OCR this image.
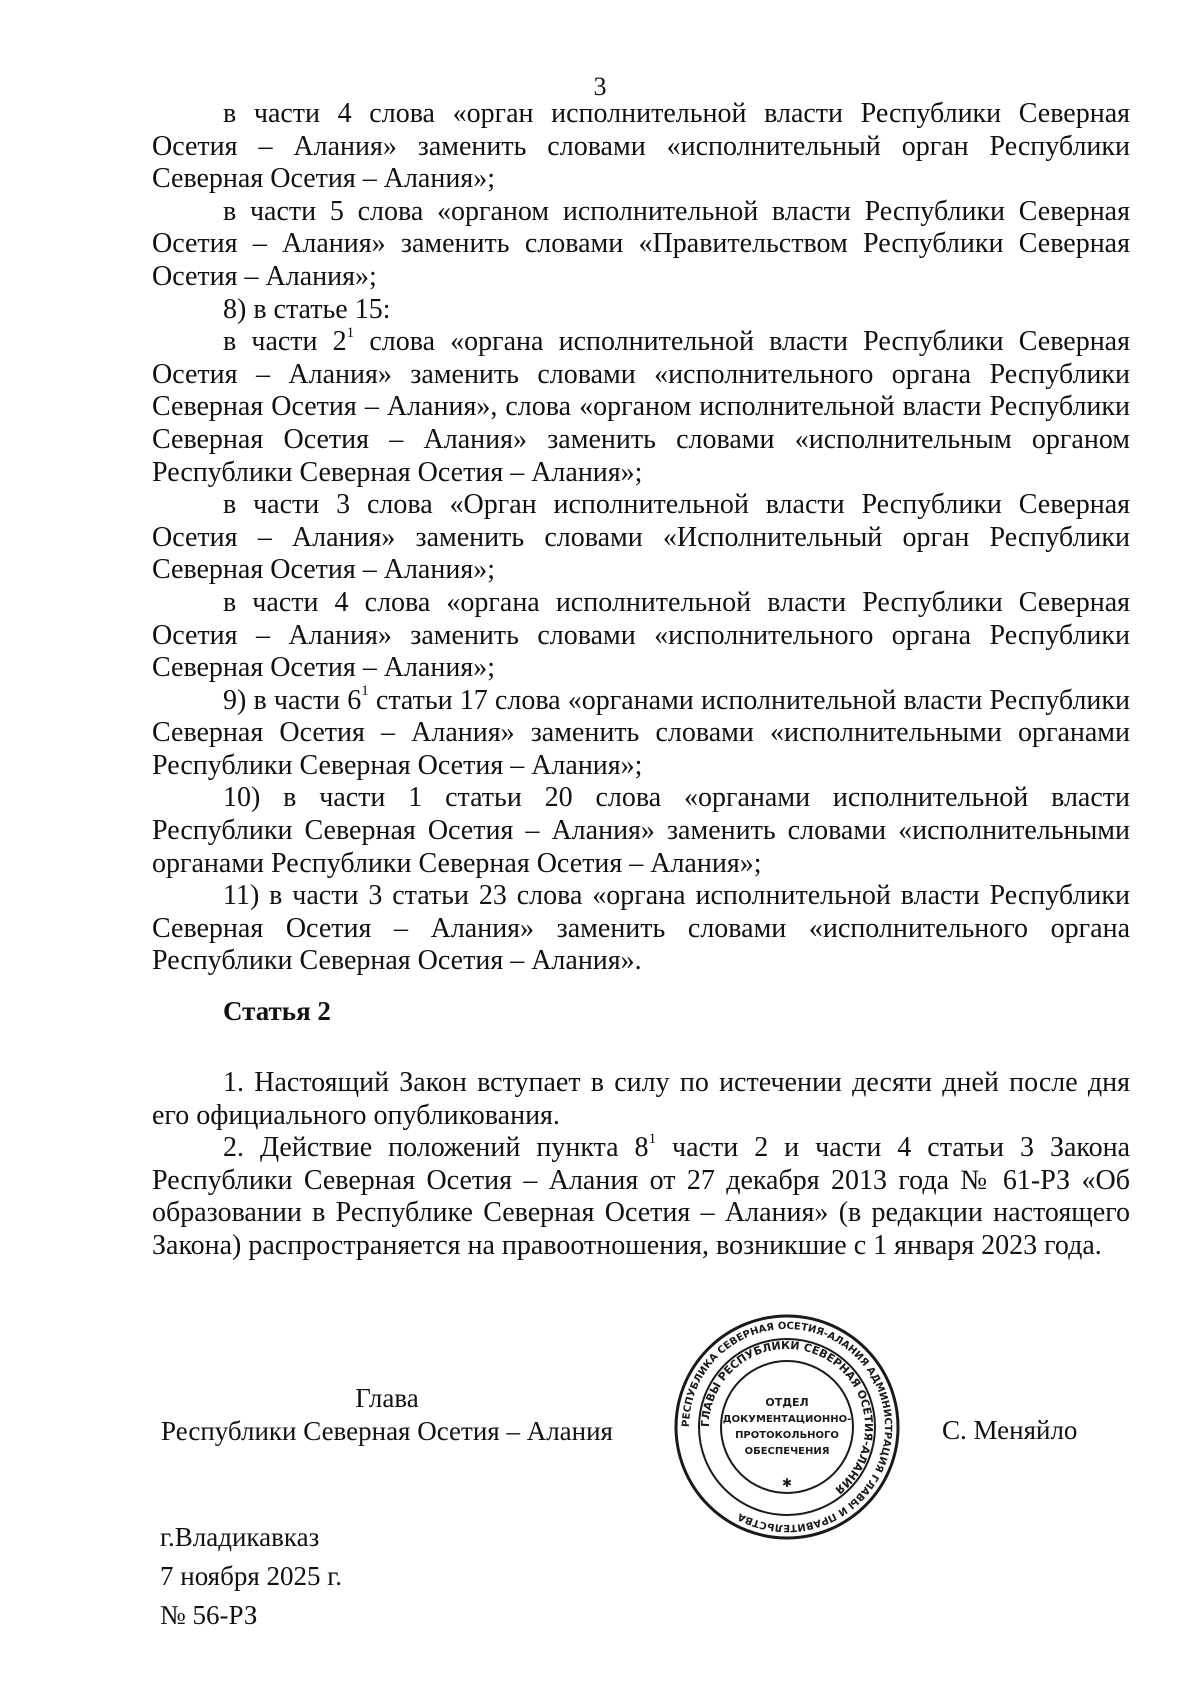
3

в части 4 слова «орган исполнительной власти Республики Северная Осетия – Алания» заменить словами «исполнительный орган Республики Северная Осетия – Алания»;

в части 5 слова «органом исполнительной власти Республики Северная Осетия – Алания» заменить словами «Правительством Республики Северная Осетия – Алания»;

8) в статье 15:

в части $2^1$ слова «органа исполнительной власти Республики Северная Осетия – Алания» заменить словами «исполнительного органа Республики Северная Осетия – Алания», слова «органом исполнительной власти Республики Северная Осетия – Алания» заменить словами «исполнительным органом Республики Северная Осетия – Алания»;

в части 3 слова «Орган исполнительной власти Республики Северная Осетия – Алания» заменить словами «Исполнительный орган Республики Северная Осетия – Алания»;

в части 4 слова «органа исполнительной власти Республики Северная Осетия – Алания» заменить словами «исполнительного органа Республики Северная Осетия – Алания»;

9) в части $6^1$ статьи 17 слова «органами исполнительной власти Республики Северная Осетия – Алания» заменить словами «исполнительными органами Республики Северная Осетия – Алания»;

10) в части 1 статьи 20 слова «органами исполнительной власти Республики Северная Осетия – Алания» заменить словами «исполнительными органами Республики Северная Осетия – Алания»;

11) в части 3 статьи 23 слова «органа исполнительной власти Республики Северная Осетия – Алания» заменить словами «исполнительного органа Республики Северная Осетия – Алания».

Статья 2

1. Настоящий Закон вступает в силу по истечении десяти дней после дня его официального опубликования.

2. Действие положений пункта $8^1$ части 2 и части 4 статьи 3 Закона Республики Северная Осетия – Алания от 27 декабря 2013 года № 61-РЗ «Об образовании в Республике Северная Осетия – Алания» (в редакции настоящего Закона) распространяется на правоотношения, возникшие с 1 января 2023 года.

Глава
Республики Северная Осетия – Алания	РЕСПУБЛИКА СЕВЕРНАЯ ОСЕТИЯ-АЛАНИЯ АДМИНИСТРАЦИЯ ГЛАВЫ И ПРАВИТЕЛЬСТВА
ГЛАВЫ РЕСПУБЛИКИ СЕВЕРНАЯ ОСЕТИЯ-АЛАНИЯ
ОТДЕЛ
ДОКУМЕНТАЦИОННО-
ПРОТОКОЛЬНОГО
ОБЕСПЕЧЕНИЯ
✱
С. Меняйло
г.Владикавказ
7 ноября 2025 г.
№ 56-РЗ
